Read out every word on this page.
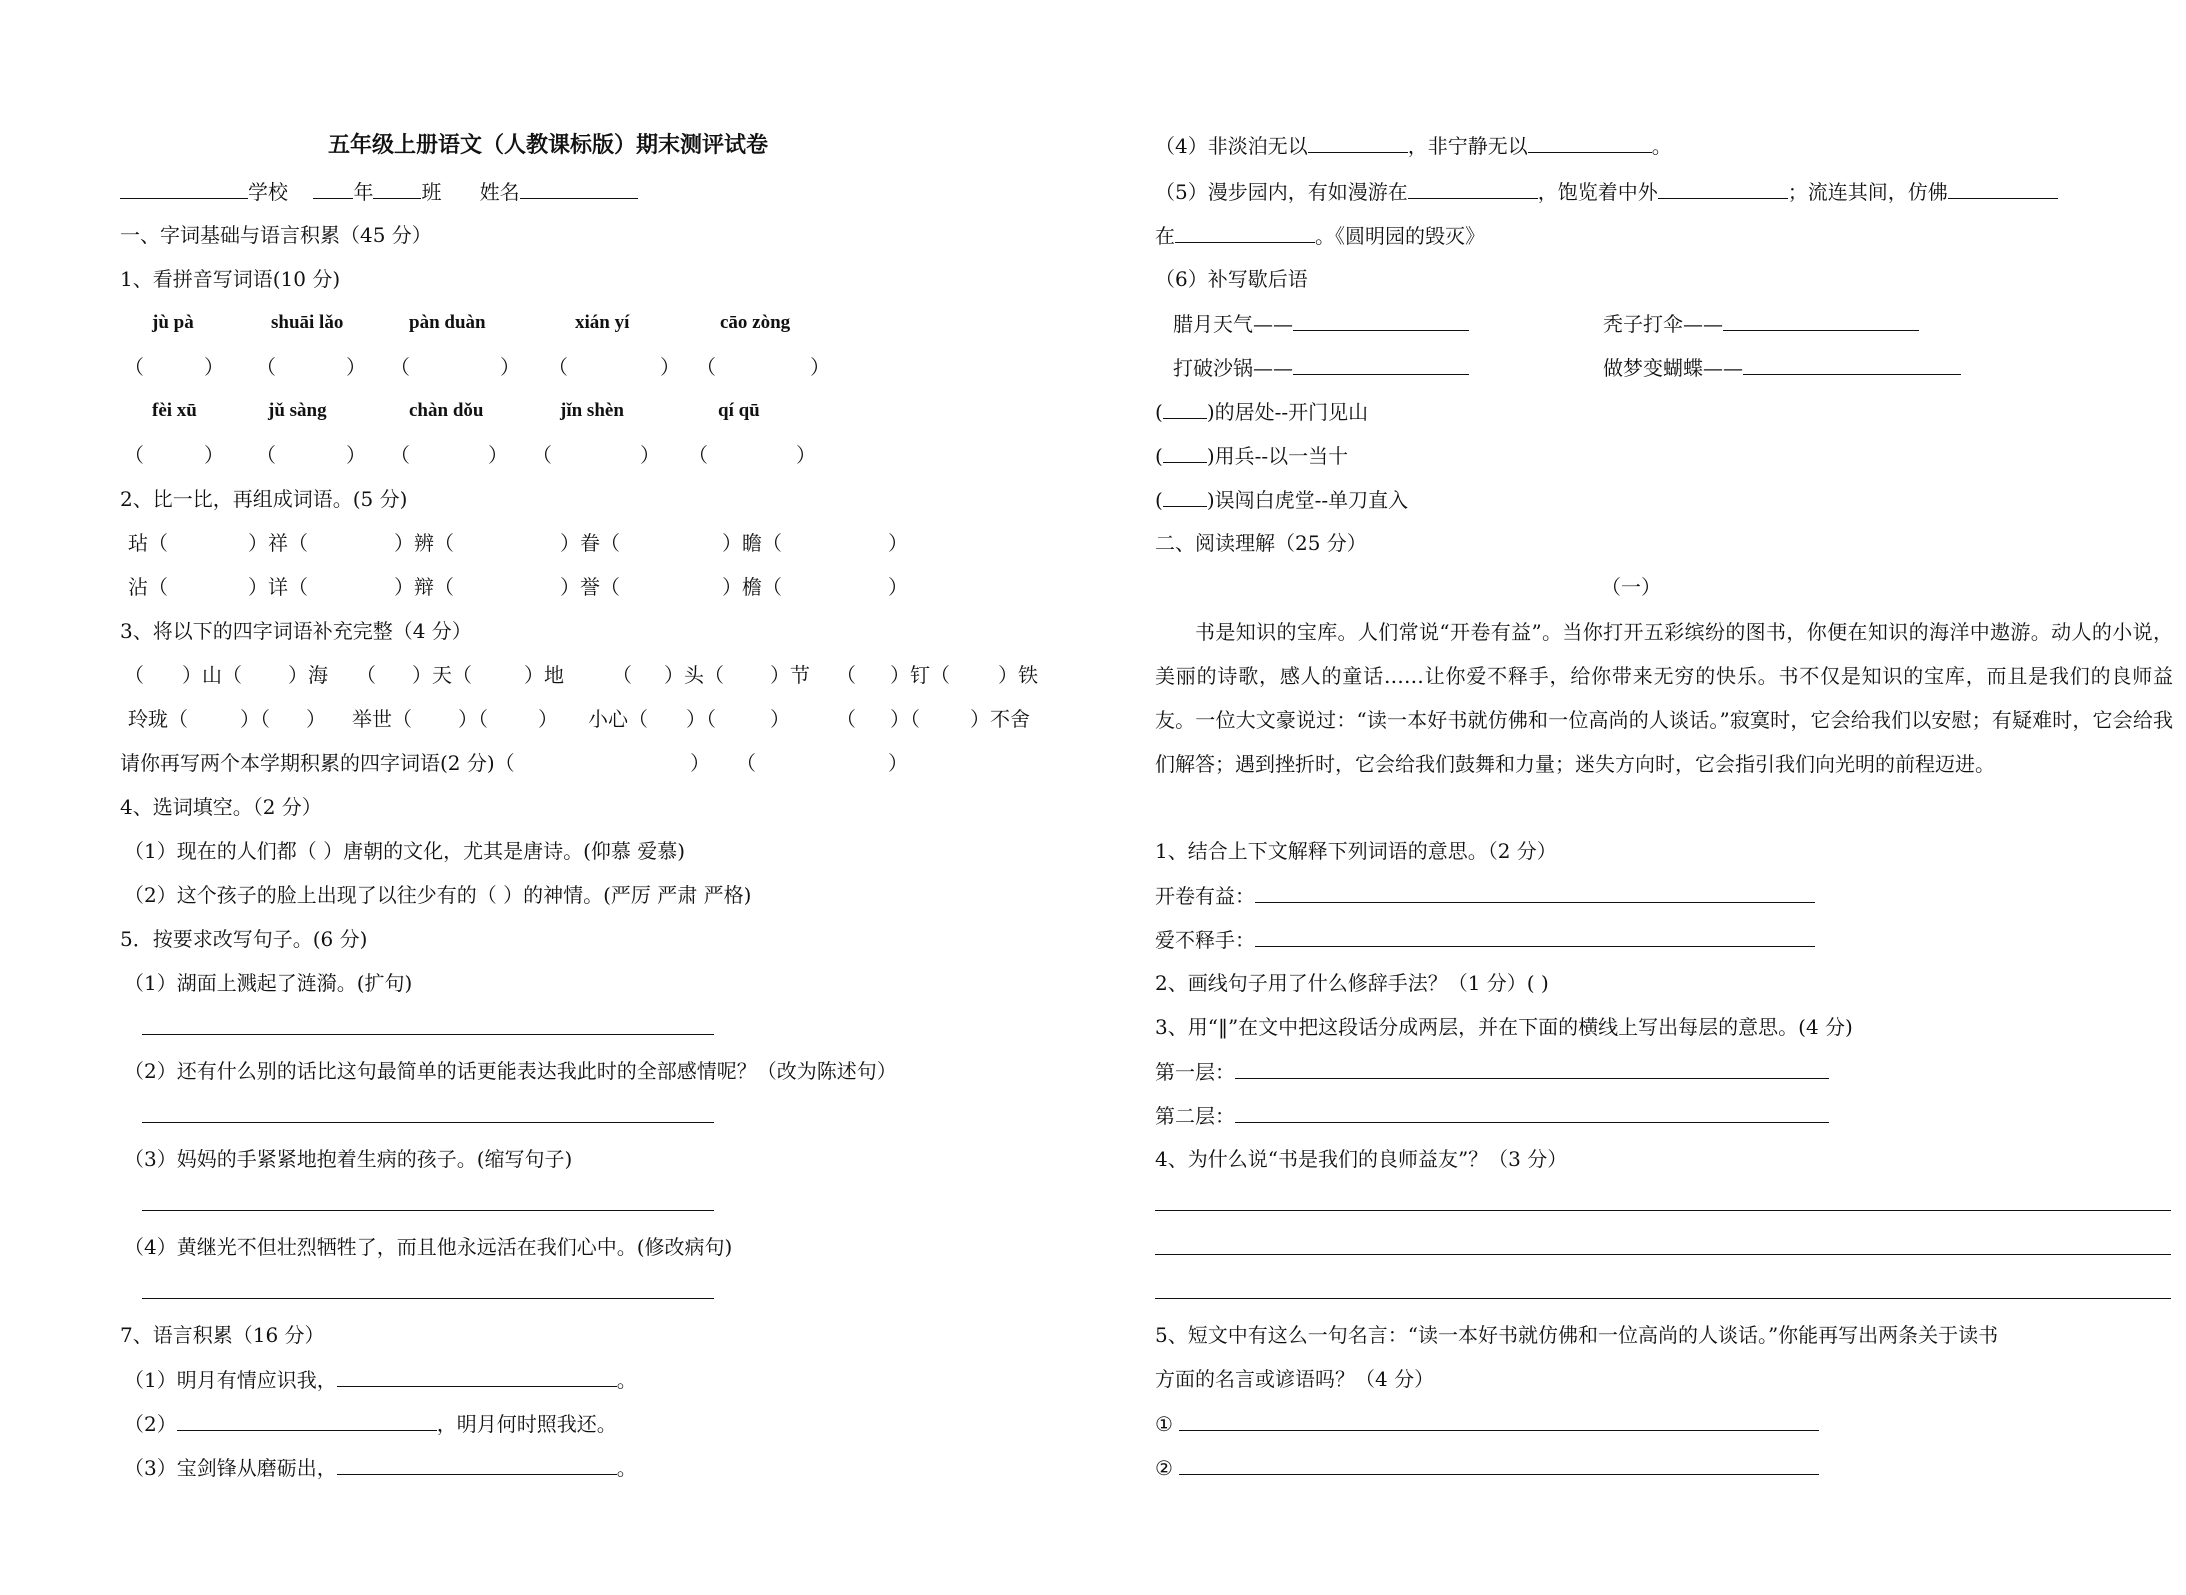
五年级上册语文（人教课标版）期末测评试卷
学校	年 班 姓名
一、字词基础与语言积累（45 分）
1、看拼音写词语(10 分)
jù pà	shuāi lǎo	pàn duàn	xián yí	cāo zòng
（	） （	） （	） （	） （	）
fèi xū	jǔ sàng	chàn dǒu	jǐn shèn	qí qū
（	） （	） （	） （	） （	）
2、比一比，再组成词语。(5 分)
玷（	）祥（	）辨（	）眷（	）瞻（	）
沾（	）详（	）辩（	）誉（	）檐（	）
3、将以下的四字词语补充完整（4 分）
（ ）山（ ）海 （ ）天（	）地 （ ）头（ ）节 （ ）钉（ ）铁
玲珑（	）（ ） 举世（ ）（	） 小心（ ）（	） （ ）（	）不舍
请你再写两个本学期积累的四字词语(2 分)（	） （	）
4、选词填空。（2 分）
（1）现在的人们都（ ）唐朝的文化，尤其是唐诗。(仰慕 爱慕)
（2）这个孩子的脸上出现了以往少有的（ ）的神情。(严厉 严肃 严格)
5．按要求改写句子。(6 分)
（1）湖面上溅起了涟漪。(扩句)
（2）还有什么别的话比这句最简单的话更能表达我此时的全部感情呢？（改为陈述句）
（3）妈妈的手紧紧地抱着生病的孩子。(缩写句子)
（4）黄继光不但壮烈牺牲了，而且他永远活在我们心中。(修改病句)
7、语言积累（16 分）
（1）明月有情应识我，	。
（2）	，明月何时照我还。
（3）宝剑锋从磨砺出，	。
（4）非淡泊无以	，非宁静无以	。
（5）漫步园内，有如漫游在	，饱览着中外	；流连其间，仿佛
在	。《圆明园的毁灭》
（6）补写歇后语
腊月天气——	秃子打伞——
打破沙锅——	做梦变蝴蝶——
( )的居处--开门见山
( )用兵--以一当十
( )误闯白虎堂--单刀直入
二、阅读理解（25 分）
（一）
书是知识的宝库。人们常说“开卷有益”。当你打开五彩缤纷的图书，你便在知识的海洋中遨游。动人的小说，美丽的诗歌，感人的童话……让你爱不释手，给你带来无穷的快乐。书不仅是知识的宝库，而且是我们的良师益友。一位大文豪说过：“读一本好书就仿佛和一位高尚的人谈话。”寂寞时，它会给我们以安慰；有疑难时，它会给我们解答；遇到挫折时，它会给我们鼓舞和力量；迷失方向时，它会指引我们向光明的前程迈进。
1、结合上下文解释下列词语的意思。（2 分）
开卷有益：
爱不释手：
2、画线句子用了什么修辞手法？（1 分）( )
3、用“‖”在文中把这段话分成两层，并在下面的横线上写出每层的意思。(4 分)
第一层：
第二层：
4、为什么说“书是我们的良师益友”？（3 分）
5、短文中有这么一句名言：“读一本好书就仿佛和一位高尚的人谈话。”你能再写出两条关于读书
方面的名言或谚语吗？（4 分）
①
②
